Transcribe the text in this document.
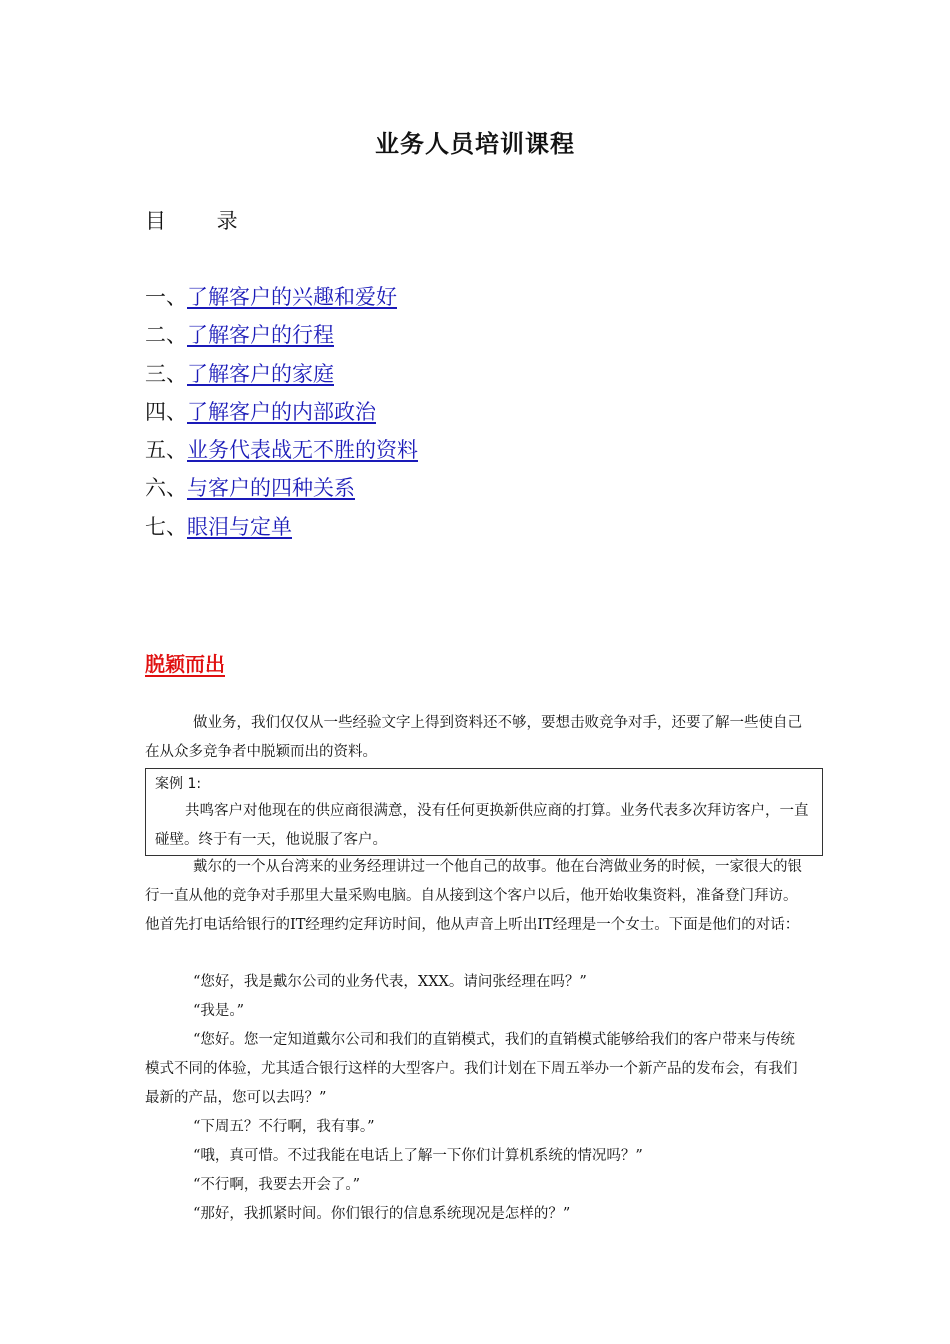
业务人员培训课程
目 录
一、了解客户的兴趣和爱好
二、了解客户的行程
三、了解客户的家庭
四、了解客户的内部政治
五、业务代表战无不胜的资料
六、与客户的四种关系
七、眼泪与定单
脱颖而出

做业务，我们仅仅从一些经验文字上得到资料还不够，要想击败竞争对手，还要了解一些使自己在从众多竞争者中脱颖而出的资料。

案例 1:

共鸣客户对他现在的供应商很满意，没有任何更换新供应商的打算。业务代表多次拜访客户，一直碰壁。终于有一天，他说服了客户。

戴尔的一个从台湾来的业务经理讲过一个他自己的故事。他在台湾做业务的时候，一家很大的银行一直从他的竞争对手那里大量采购电脑。自从接到这个客户以后，他开始收集资料，准备登门拜访。他首先打电话给银行的IT经理约定拜访时间，他从声音上听出IT经理是一个女士。下面是他们的对话：

“您好，我是戴尔公司的业务代表，XXX。请问张经理在吗？”

“我是。”

“您好。您一定知道戴尔公司和我们的直销模式，我们的直销模式能够给我们的客户带来与传统模式不同的体验，尤其适合银行这样的大型客户。我们计划在下周五举办一个新产品的发布会，有我们最新的产品，您可以去吗？”

“下周五？不行啊，我有事。”

“哦，真可惜。不过我能在电话上了解一下你们计算机系统的情况吗？”

“不行啊，我要去开会了。”

“那好，我抓紧时间。你们银行的信息系统现况是怎样的？”
